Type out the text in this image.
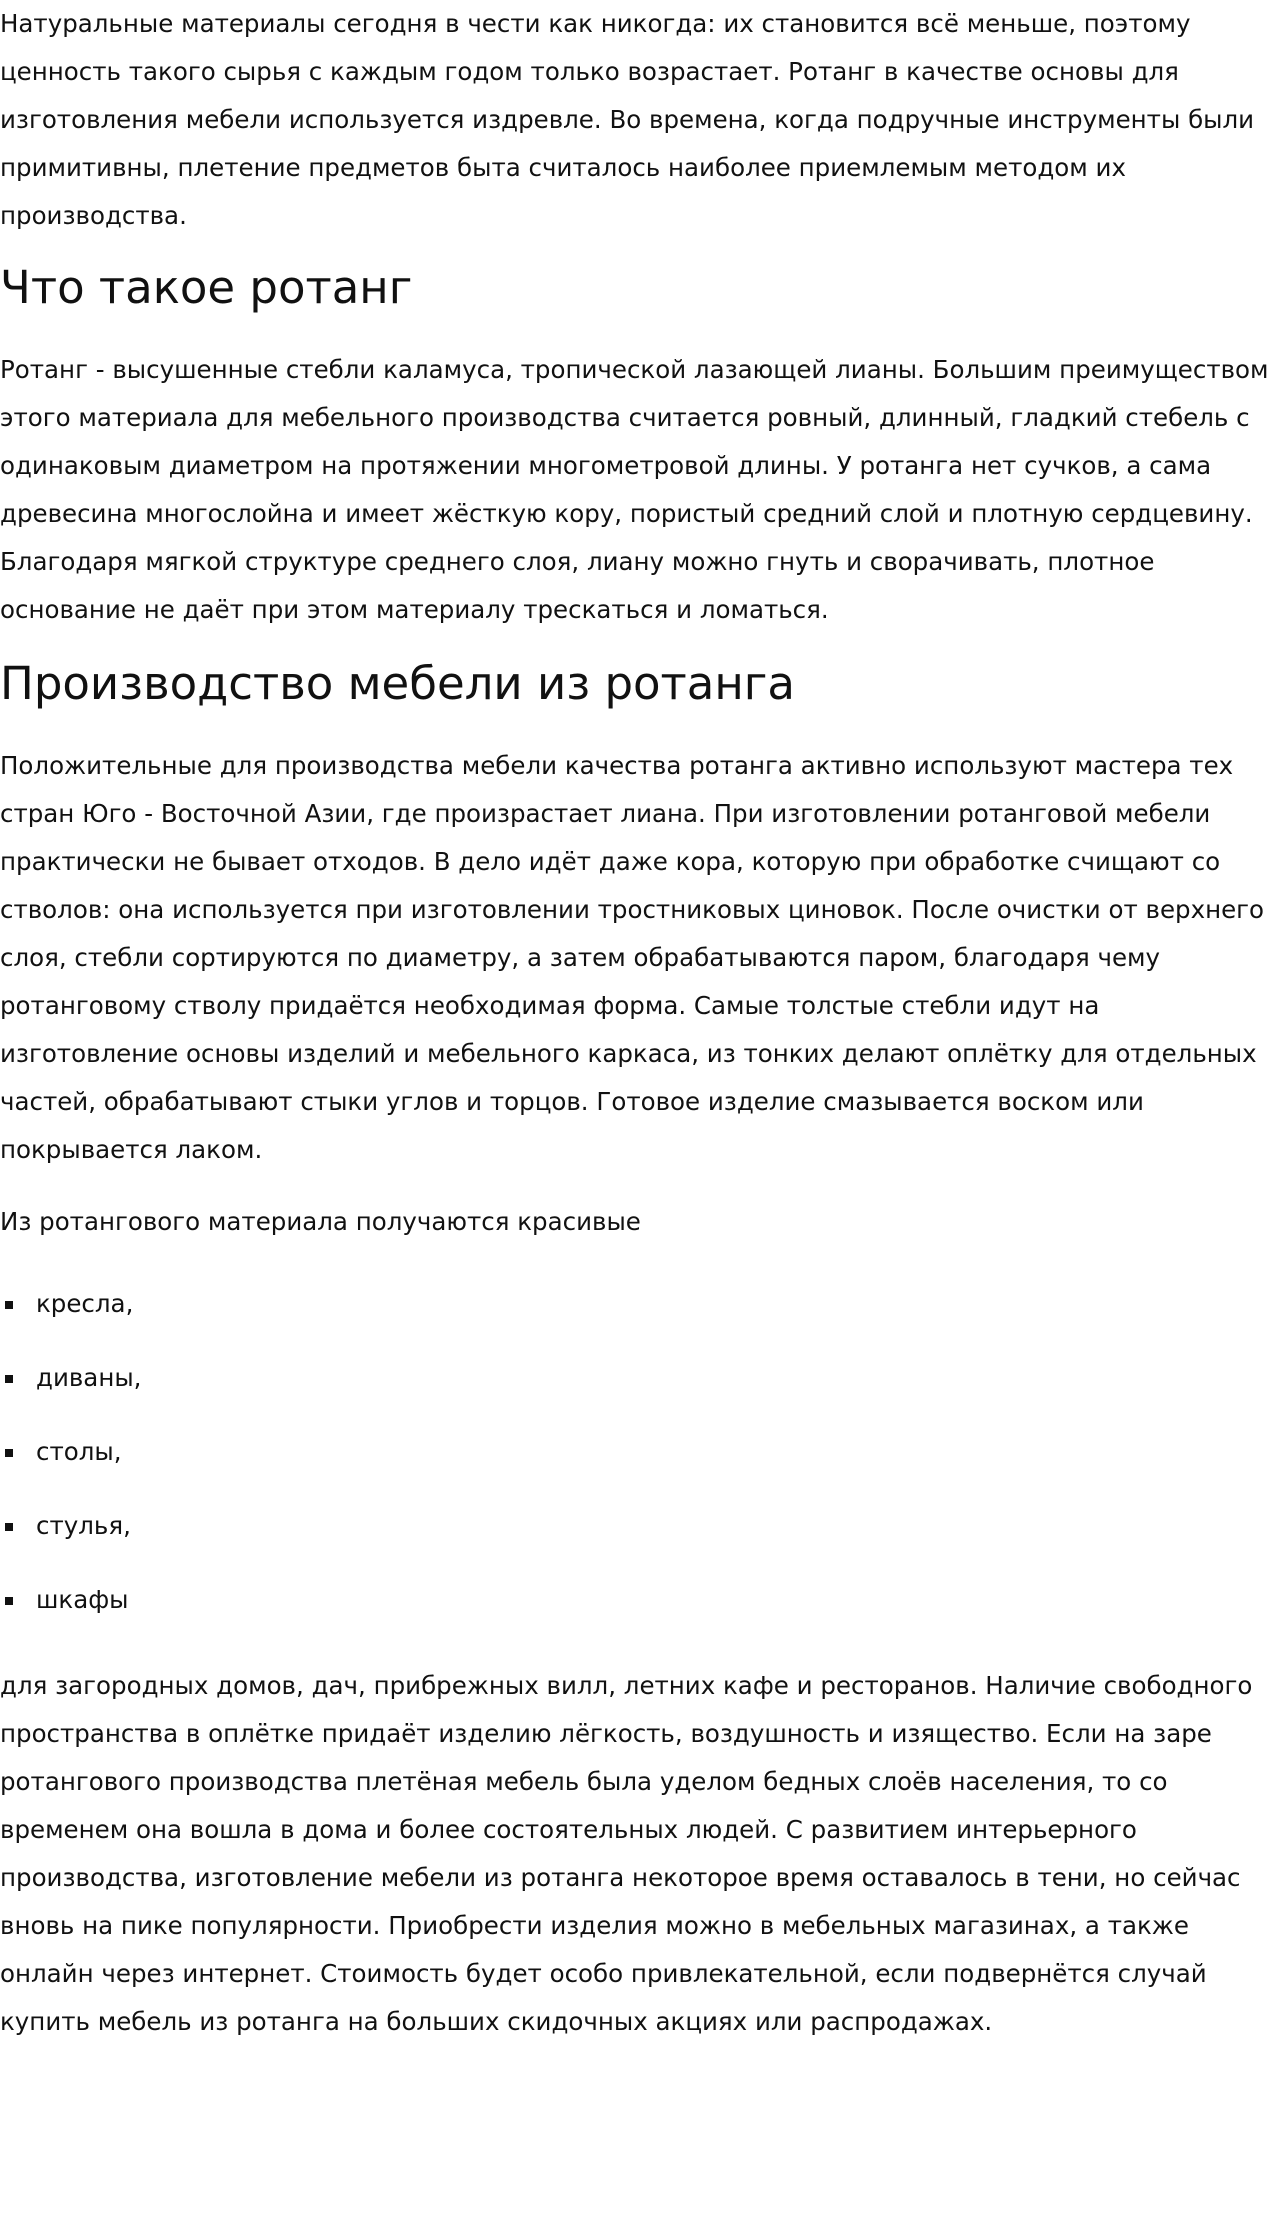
Натуральные материалы сегодня в чести как никогда: их становится всё меньше, поэтому ценность такого сырья с каждым годом только возрастает. Ротанг в качестве основы для изготовления мебели используется издревле. Во времена, когда подручные инструменты были примитивны, плетение предметов быта считалось наиболее приемлемым методом их производства.

Что такое ротанг

Ротанг - высушенные стебли каламуса, тропической лазающей лианы. Большим преимуществом этого материала для мебельного производства считается ровный, длинный, гладкий стебель с одинаковым диаметром на протяжении многометровой длины. У ротанга нет сучков, а сама древесина многослойна и имеет жёсткую кору, пористый средний слой и плотную сердцевину. Благодаря мягкой структуре среднего слоя, лиану можно гнуть и сворачивать, плотное основание не даёт при этом материалу трескаться и ломаться.

Производство мебели из ротанга

Положительные для производства мебели качества ротанга активно используют мастера тех стран Юго - Восточной Азии, где произрастает лиана. При изготовлении ротанговой мебели практически не бывает отходов. В дело идёт даже кора, которую при обработке счищают со стволов: она используется при изготовлении тростниковых циновок. После очистки от верхнего слоя, стебли сортируются по диаметру, а затем обрабатываются паром, благодаря чему ротанговому стволу придаётся необходимая форма. Самые толстые стебли идут на изготовление основы изделий и мебельного каркаса, из тонких делают оплётку для отдельных частей, обрабатывают стыки углов и торцов. Готовое изделие смазывается воском или покрывается лаком.

Из ротангового материала получаются красивые

кресла,
диваны,
столы,
стулья,
шкафы

для загородных домов, дач, прибрежных вилл, летних кафе и ресторанов. Наличие свободного пространства в оплётке придаёт изделию лёгкость, воздушность и изящество. Если на заре ротангового производства плетёная мебель была уделом бедных слоёв населения, то со временем она вошла в дома и более состоятельных людей. С развитием интерьерного производства, изготовление мебели из ротанга некоторое время оставалось в тени, но сейчас вновь на пике популярности. Приобрести изделия можно в мебельных магазинах, а также онлайн через интернет. Стоимость будет особо привлекательной, если подвернётся случай купить мебель из ротанга на больших скидочных акциях или распродажах.
